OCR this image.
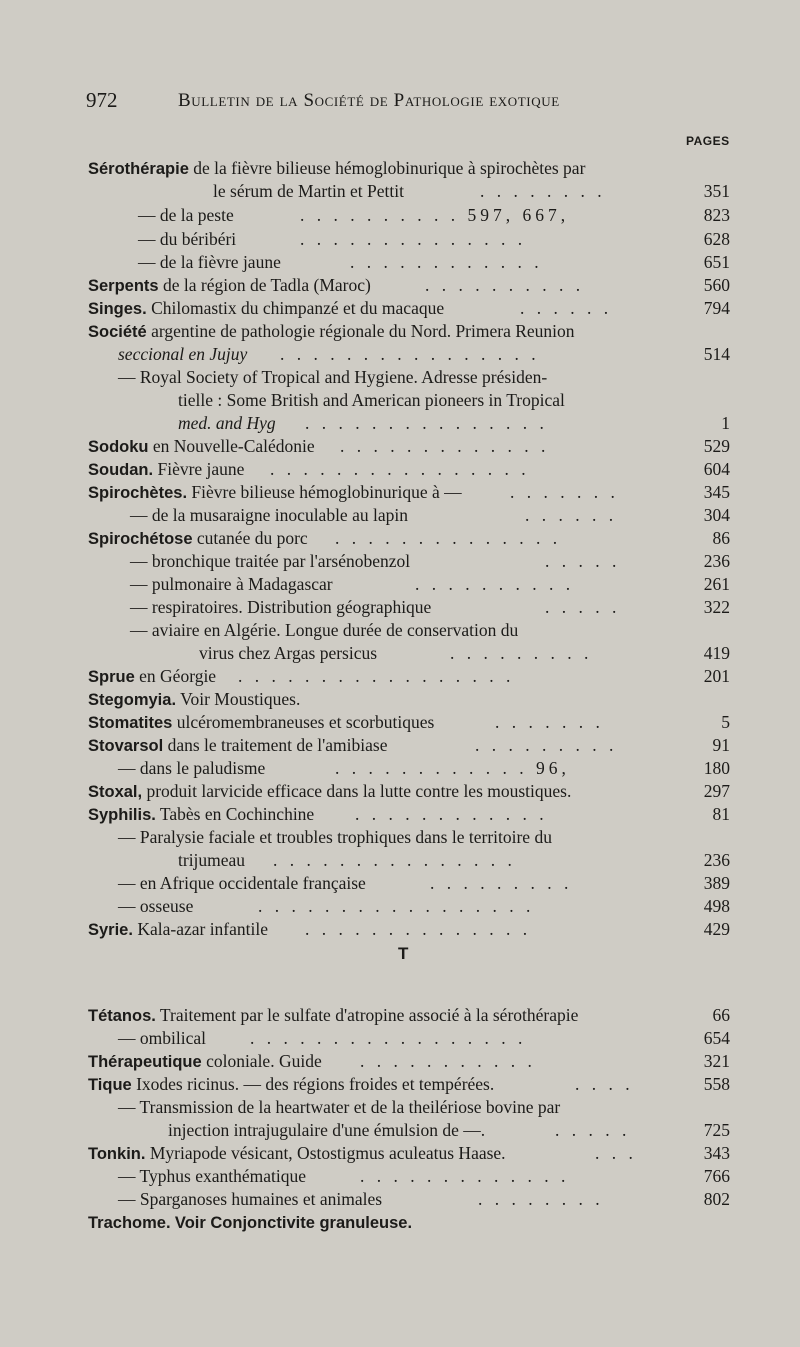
972	Bulletin de la Société de Pathologie exotique
PAGES
Sérothérapie de la fièvre bilieuse hémoglobinurique à spirochètes par
le sérum de Martin et Pettit	. . . . . . . .	351
— de la peste	. . . . . . . . . . 597, 667,	823
— du béribéri	. . . . . . . . . . . . . .	628
— de la fièvre jaune	. . . . . . . . . . . .	651
Serpents de la région de Tadla (Maroc)	. . . . . . . . . .	560
Singes. Chilomastix du chimpanzé et du macaque	. . . . . .	794
Société argentine de pathologie régionale du Nord. Primera Reunion
seccional en Jujuy . . . . . . . . . . . . . . . .	514
— Royal Society of Tropical and Hygiene. Adresse présiden-
tielle : Some British and American pioneers in Tropical
med. and Hyg . . . . . . . . . . . . . . .	1
Sodoku en Nouvelle-Calédonie . . . . . . . . . . . . .	529
Soudan. Fièvre jaune . . . . . . . . . . . . . . . .	604
Spirochètes. Fièvre bilieuse hémoglobinurique à —	. . . . . . .	345
— de la musaraigne inoculable au lapin	. . . . . .	304
Spirochétose cutanée du porc . . . . . . . . . . . . . .	86
— bronchique traitée par l'arsénobenzol	. . . . .	236
— pulmonaire à Madagascar	. . . . . . . . . .	261
— respiratoires. Distribution géographique	. . . . .	322
— aviaire en Algérie. Longue durée de conservation du
virus chez Argas persicus	. . . . . . . . .	419
Sprue en Géorgie . . . . . . . . . . . . . . . . .	201
Stegomyia. Voir Moustiques.
Stomatites ulcéromembraneuses et scorbutiques	. . . . . . .	5
Stovarsol dans le traitement de l'amibiase	. . . . . . . . .	91
— dans le paludisme	. . . . . . . . . . . . 96,	180
Stoxal, produit larvicide efficace dans la lutte contre les moustiques.	297
Syphilis. Tabès en Cochinchine . . . . . . . . . . . .	81
— Paralysie faciale et troubles trophiques dans le territoire du
trijumeau . . . . . . . . . . . . . . .	236
— en Afrique occidentale française	. . . . . . . . .	389
— osseuse	. . . . . . . . . . . . . . . . .	498
Syrie. Kala-azar infantile . . . . . . . . . . . . . .	429
Tétanos. Traitement par le sulfate d'atropine associé à la sérothérapie	66
— ombilical	. . . . . . . . . . . . . . . . .	654
Thérapeutique coloniale. Guide . . . . . . . . . . .	321
Tique Ixodes ricinus. — des régions froides et tempérées.	. . . .	558
— Transmission de la heartwater et de la theilériose bovine par
injection intrajugulaire d'une émulsion de —.	. . . . .	725
Tonkin. Myriapode vésicant, Ostostigmus aculeatus Haase.	. . .	343
— Typhus exanthématique	. . . . . . . . . . . . .	766
— Sparganoses humaines et animales	. . . . . . . .	802
Trachome. Voir Conjonctivite granuleuse.
T
